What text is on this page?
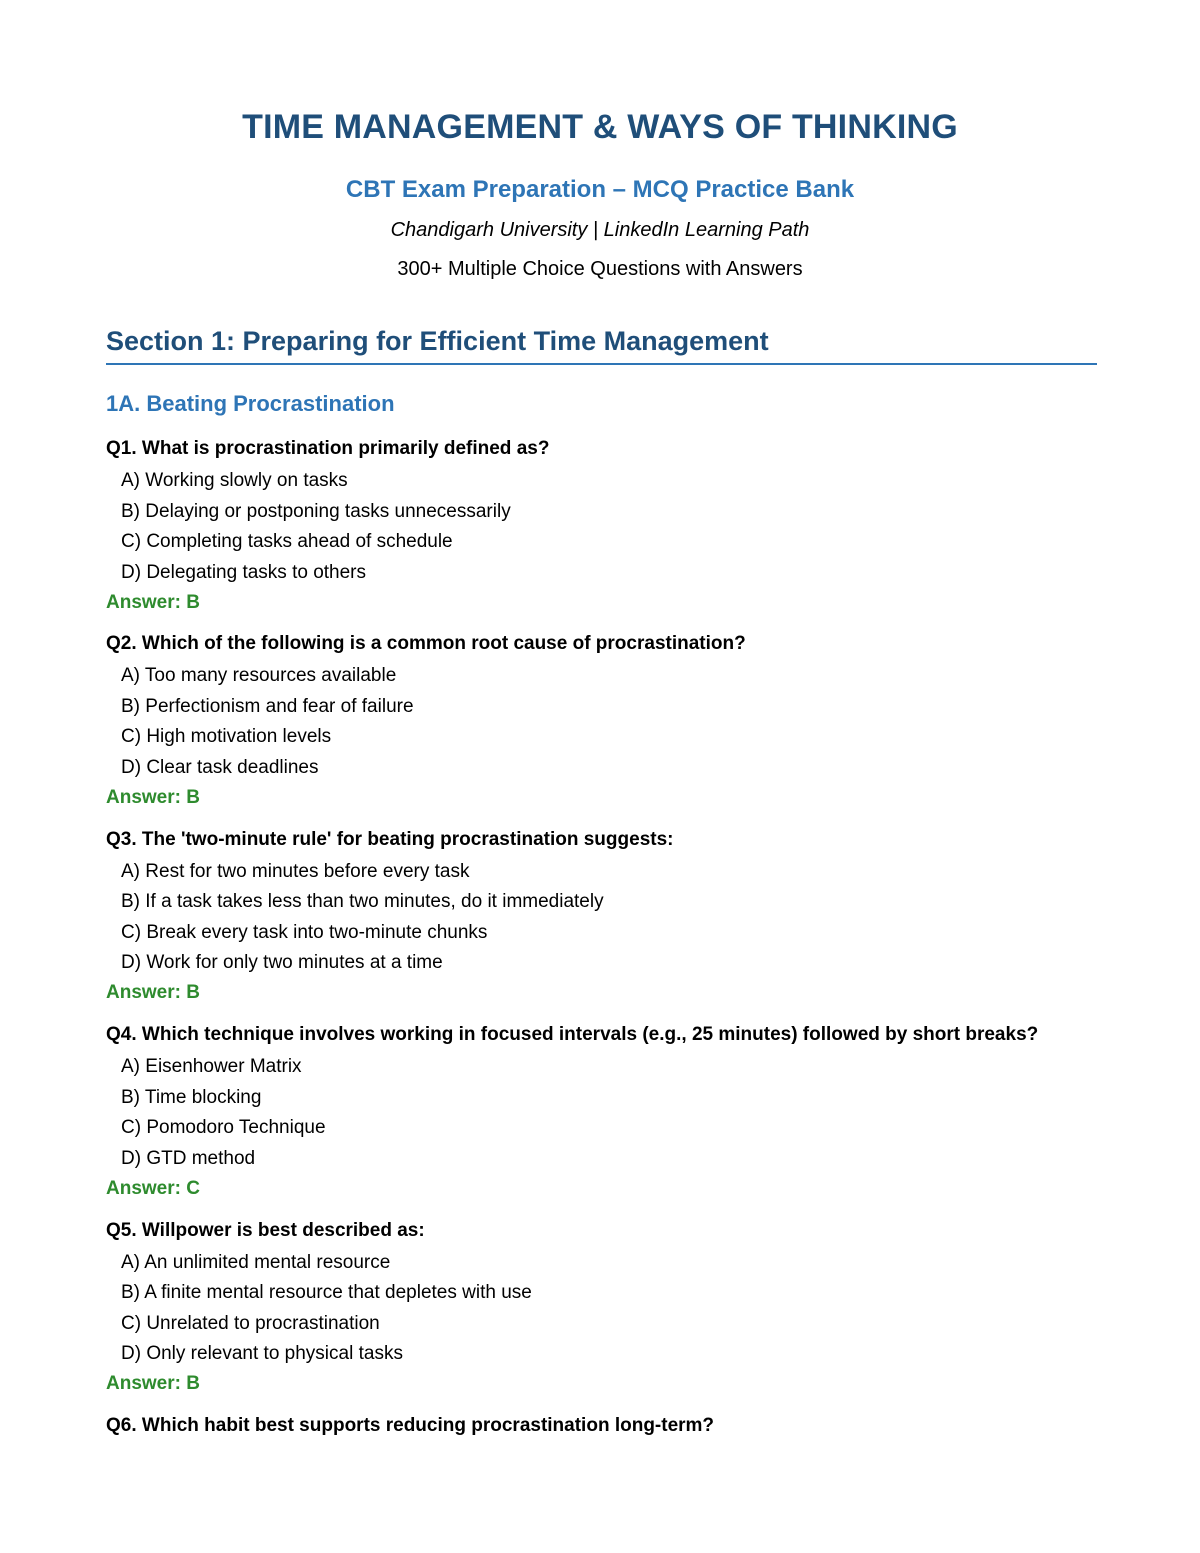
TIME MANAGEMENT & WAYS OF THINKING
CBT Exam Preparation – MCQ Practice Bank
Chandigarh University | LinkedIn Learning Path
300+ Multiple Choice Questions with Answers
Section 1: Preparing for Efficient Time Management
1A. Beating Procrastination
Q1. What is procrastination primarily defined as?
A) Working slowly on tasks
B) Delaying or postponing tasks unnecessarily
C) Completing tasks ahead of schedule
D) Delegating tasks to others
Answer: B
Q2. Which of the following is a common root cause of procrastination?
A) Too many resources available
B) Perfectionism and fear of failure
C) High motivation levels
D) Clear task deadlines
Answer: B
Q3. The 'two-minute rule' for beating procrastination suggests:
A) Rest for two minutes before every task
B) If a task takes less than two minutes, do it immediately
C) Break every task into two-minute chunks
D) Work for only two minutes at a time
Answer: B
Q4. Which technique involves working in focused intervals (e.g., 25 minutes) followed by short breaks?
A) Eisenhower Matrix
B) Time blocking
C) Pomodoro Technique
D) GTD method
Answer: C
Q5. Willpower is best described as:
A) An unlimited mental resource
B) A finite mental resource that depletes with use
C) Unrelated to procrastination
D) Only relevant to physical tasks
Answer: B
Q6. Which habit best supports reducing procrastination long-term?
